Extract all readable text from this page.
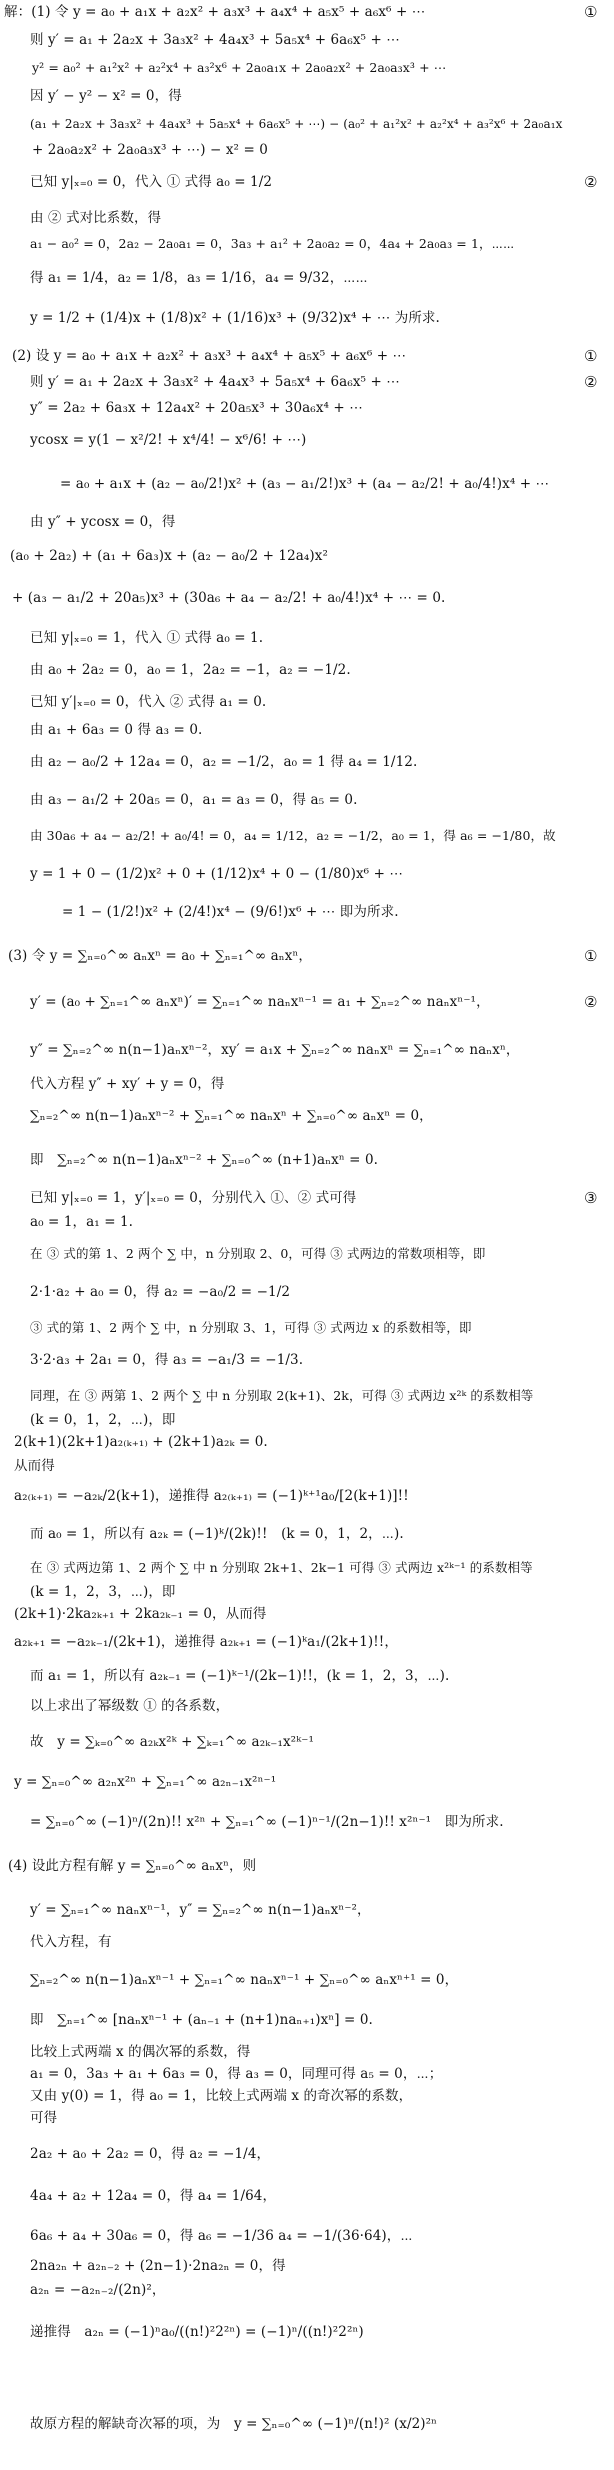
解：(1) 令 y = a₀ + a₁x + a₂x² + a₃x³ + a₄x⁴ + a₅x⁵ + a₆x⁶ + ⋯
则 y′ = a₁ + 2a₂x + 3a₃x² + 4a₄x³ + 5a₅x⁴ + 6a₆x⁵ + ⋯
y² = a₀² + a₁²x² + a₂²x⁴ + a₃²x⁶ + 2a₀a₁x + 2a₀a₂x² + 2a₀a₃x³ + ⋯
因 y′ − y² − x² = 0，得
(a₁ + 2a₂x + 3a₃x² + 4a₄x³ + 5a₅x⁴ + 6a₆x⁵ + ⋯) − (a₀² + a₁²x² + a₂²x⁴ + a₃²x⁶ + 2a₀a₁x
+ 2a₀a₂x² + 2a₀a₃x³ + ⋯) − x² = 0
已知 y|ₓ₌₀ = 0，代入 ① 式得 a₀ = 1/2
由 ② 式对比系数，得
a₁ − a₀² = 0，2a₂ − 2a₀a₁ = 0，3a₃ + a₁² + 2a₀a₂ = 0，4a₄ + 2a₀a₃ = 1，⋯⋯
得 a₁ = 1/4，a₂ = 1/8，a₃ = 1/16，a₄ = 9/32，⋯⋯
y = 1/2 + (1/4)x + (1/8)x² + (1/16)x³ + (9/32)x⁴ + ⋯ 为所求.
(2) 设 y = a₀ + a₁x + a₂x² + a₃x³ + a₄x⁴ + a₅x⁵ + a₆x⁶ + ⋯
则 y′ = a₁ + 2a₂x + 3a₃x² + 4a₄x³ + 5a₅x⁴ + 6a₆x⁵ + ⋯
y″ = 2a₂ + 6a₃x + 12a₄x² + 20a₅x³ + 30a₆x⁴ + ⋯
ycosx = y(1 − x²/2! + x⁴/4! − x⁶/6! + ⋯)
= a₀ + a₁x + (a₂ − a₀/2!)x² + (a₃ − a₁/2!)x³ + (a₄ − a₂/2! + a₀/4!)x⁴ + ⋯
由 y″ + ycosx = 0，得
(a₀ + 2a₂) + (a₁ + 6a₃)x + (a₂ − a₀/2 + 12a₄)x²
+ (a₃ − a₁/2 + 20a₅)x³ + (30a₆ + a₄ − a₂/2! + a₀/4!)x⁴ + ⋯ = 0.
已知 y|ₓ₌₀ = 1，代入 ① 式得 a₀ = 1.
由 a₀ + 2a₂ = 0，a₀ = 1，2a₂ = −1，a₂ = −1/2.
已知 y′|ₓ₌₀ = 0，代入 ② 式得 a₁ = 0.
由 a₁ + 6a₃ = 0 得 a₃ = 0.
由 a₂ − a₀/2 + 12a₄ = 0，a₂ = −1/2，a₀ = 1 得 a₄ = 1/12.
由 a₃ − a₁/2 + 20a₅ = 0，a₁ = a₃ = 0，得 a₅ = 0.
由 30a₆ + a₄ − a₂/2! + a₀/4! = 0，a₄ = 1/12，a₂ = −1/2，a₀ = 1，得 a₆ = −1/80，故
y = 1 + 0 − (1/2)x² + 0 + (1/12)x⁴ + 0 − (1/80)x⁶ + ⋯
= 1 − (1/2!)x² + (2/4!)x⁴ − (9/6!)x⁶ + ⋯ 即为所求.
(3) 令 y = ∑ₙ₌₀^∞ aₙxⁿ = a₀ + ∑ₙ₌₁^∞ aₙxⁿ，
y′ = (a₀ + ∑ₙ₌₁^∞ aₙxⁿ)′ = ∑ₙ₌₁^∞ naₙxⁿ⁻¹ = a₁ + ∑ₙ₌₂^∞ naₙxⁿ⁻¹，
y″ = ∑ₙ₌₂^∞ n(n−1)aₙxⁿ⁻²，xy′ = a₁x + ∑ₙ₌₂^∞ naₙxⁿ = ∑ₙ₌₁^∞ naₙxⁿ，
代入方程 y″ + xy′ + y = 0，得
∑ₙ₌₂^∞ n(n−1)aₙxⁿ⁻² + ∑ₙ₌₁^∞ naₙxⁿ + ∑ₙ₌₀^∞ aₙxⁿ = 0，
即　∑ₙ₌₂^∞ n(n−1)aₙxⁿ⁻² + ∑ₙ₌₀^∞ (n+1)aₙxⁿ = 0.
已知 y|ₓ₌₀ = 1，y′|ₓ₌₀ = 0，分别代入 ①、② 式可得
a₀ = 1，a₁ = 1.
在 ③ 式的第 1、2 两个 ∑ 中，n 分别取 2、0，可得 ③ 式两边的常数项相等，即
2·1·a₂ + a₀ = 0，得 a₂ = −a₀/2 = −1/2
③ 式的第 1、2 两个 ∑ 中，n 分别取 3、1，可得 ③ 式两边 x 的系数相等，即
3·2·a₃ + 2a₁ = 0，得 a₃ = −a₁/3 = −1/3.
同理，在 ③ 两第 1、2 两个 ∑ 中 n 分别取 2(k+1)、2k，可得 ③ 式两边 x²ᵏ 的系数相等
(k = 0，1，2，⋯)，即
2(k+1)(2k+1)a₂₍ₖ₊₁₎ + (2k+1)a₂ₖ = 0.
从而得
a₂₍ₖ₊₁₎ = −a₂ₖ/2(k+1)，递推得 a₂₍ₖ₊₁₎ = (−1)ᵏ⁺¹a₀/[2(k+1)]!!
而 a₀ = 1，所以有 a₂ₖ = (−1)ᵏ/(2k)!!　(k = 0，1，2，⋯).
在 ③ 式两边第 1、2 两个 ∑ 中 n 分别取 2k+1、2k−1 可得 ③ 式两边 x²ᵏ⁻¹ 的系数相等
(k = 1，2，3，⋯)，即
(2k+1)·2ka₂ₖ₊₁ + 2ka₂ₖ₋₁ = 0，从而得
a₂ₖ₊₁ = −a₂ₖ₋₁/(2k+1)，递推得 a₂ₖ₊₁ = (−1)ᵏa₁/(2k+1)!!，
而 a₁ = 1，所以有 a₂ₖ₋₁ = (−1)ᵏ⁻¹/(2k−1)!!，(k = 1，2，3，⋯).
以上求出了幂级数 ① 的各系数，
故　y = ∑ₖ₌₀^∞ a₂ₖx²ᵏ + ∑ₖ₌₁^∞ a₂ₖ₋₁x²ᵏ⁻¹
y = ∑ₙ₌₀^∞ a₂ₙx²ⁿ + ∑ₙ₌₁^∞ a₂ₙ₋₁x²ⁿ⁻¹
= ∑ₙ₌₀^∞ (−1)ⁿ/(2n)!! x²ⁿ + ∑ₙ₌₁^∞ (−1)ⁿ⁻¹/(2n−1)!! x²ⁿ⁻¹　即为所求.
(4) 设此方程有解 y = ∑ₙ₌₀^∞ aₙxⁿ，则
y′ = ∑ₙ₌₁^∞ naₙxⁿ⁻¹，y″ = ∑ₙ₌₂^∞ n(n−1)aₙxⁿ⁻²，
代入方程，有
∑ₙ₌₂^∞ n(n−1)aₙxⁿ⁻¹ + ∑ₙ₌₁^∞ naₙxⁿ⁻¹ + ∑ₙ₌₀^∞ aₙxⁿ⁺¹ = 0，
即　∑ₙ₌₁^∞ [naₙxⁿ⁻¹ + (aₙ₋₁ + (n+1)naₙ₊₁)xⁿ] = 0.
比较上式两端 x 的偶次幂的系数，得
a₁ = 0，3a₃ + a₁ + 6a₃ = 0，得 a₃ = 0，同理可得 a₅ = 0，⋯；
又由 y(0) = 1，得 a₀ = 1，比较上式两端 x 的奇次幂的系数，
可得
2a₂ + a₀ + 2a₂ = 0，得 a₂ = −1/4，
4a₄ + a₂ + 12a₄ = 0，得 a₄ = 1/64，
6a₆ + a₄ + 30a₆ = 0，得 a₆ = −1/36 a₄ = −1/(36·64)，⋯
2na₂ₙ + a₂ₙ₋₂ + (2n−1)·2na₂ₙ = 0，得
a₂ₙ = −a₂ₙ₋₂/(2n)²，
递推得　a₂ₙ = (−1)ⁿa₀/((n!)²2²ⁿ) = (−1)ⁿ/((n!)²2²ⁿ)
故原方程的解缺奇次幂的项，为　y = ∑ₙ₌₀^∞ (−1)ⁿ/(n!)² (x/2)²ⁿ
①
②
①
②
①
②
③
